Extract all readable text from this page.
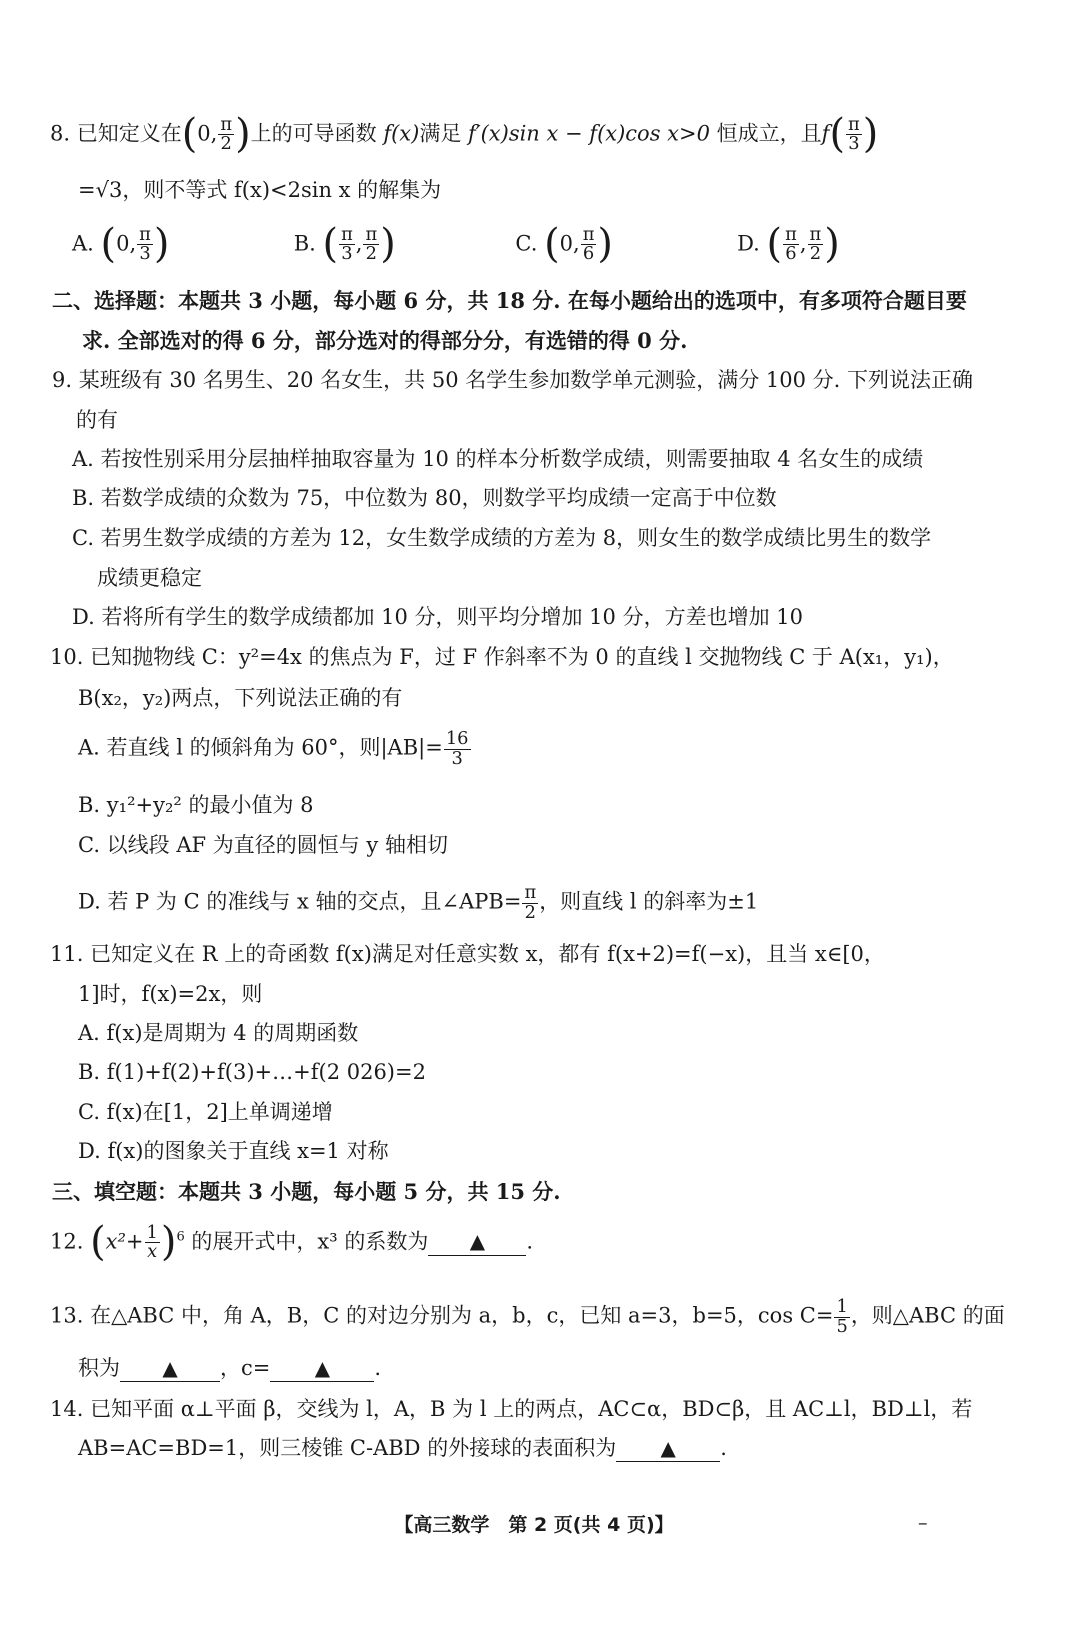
8. 已知定义在(0, $\frac{\pi}{2}$ )上的可导函数 f(x)满足 f′(x)sin x − f(x)cos x>0 恒成立，且$f( \frac{\pi}{3}$ )
=√3，则不等式 f(x)<2sin x 的解集为
A. (0, $\frac{\pi}{3}$ )	B. ( $\frac{\pi}{3}$ , $\frac{\pi}{2}$ )	C. (0, $\frac{\pi}{6}$ )	D. ( $\frac{\pi}{6}$ , $\frac{\pi}{2}$ )
二、选择题：本题共 3 小题，每小题 6 分，共 18 分. 在每小题给出的选项中，有多项符合题目要
求. 全部选对的得 6 分，部分选对的得部分分，有选错的得 0 分.
9. 某班级有 30 名男生、20 名女生，共 50 名学生参加数学单元测验，满分 100 分. 下列说法正确
的有
A. 若按性别采用分层抽样抽取容量为 10 的样本分析数学成绩，则需要抽取 4 名女生的成绩
B. 若数学成绩的众数为 75，中位数为 80，则数学平均成绩一定高于中位数
C. 若男生数学成绩的方差为 12，女生数学成绩的方差为 8，则女生的数学成绩比男生的数学
成绩更稳定
D. 若将所有学生的数学成绩都加 10 分，则平均分增加 10 分，方差也增加 10
10. 已知抛物线 C：y²=4x 的焦点为 F，过 F 作斜率不为 0 的直线 l 交抛物线 C 于 A(x₁，y₁)，
B(x₂，y₂)两点，下列说法正确的有
A. 若直线 l 的倾斜角为 60°，则$|AB|= \frac{16}{3}$
B. y₁²+y₂² 的最小值为 8
C. 以线段 AF 为直径的圆恒与 y 轴相切
D. 若 P 为 C 的准线与 x 轴的交点，且∠APB= $\frac{\pi}{2}$ ，则直线 l 的斜率为±1
11. 已知定义在 R 上的奇函数 f(x)满足对任意实数 x，都有 f(x+2)=f(−x)，且当 x∈[0，
1]时，f(x)=2x，则
A. f(x)是周期为 4 的周期函数
B. f(1)+f(2)+f(3)+…+f(2 026)=2
C. f(x)在[1，2]上单调递增
D. f(x)的图象关于直线 x=1 对称
三、填空题：本题共 3 小题，每小题 5 分，共 15 分.
12. $(x^2+ \frac{1}{x} )^6$ 的展开式中，x³ 的系数为 ▲ .
13. 在△ABC 中，角 A，B，C 的对边分别为 a，b，c，已知 a=3，b=5，$\cos C= \frac{1}{5}$ ，则△ABC 的面
积为 ▲ ，c= ▲ .
14. 已知平面 α⊥平面 β，交线为 l，A，B 为 l 上的两点，AC⊂α，BD⊂β，且 AC⊥l，BD⊥l，若
AB=AC=BD=1，则三棱锥 C-ABD 的外接球的表面积为 ▲ .
【高三数学　第 2 页(共 4 页)】	–
